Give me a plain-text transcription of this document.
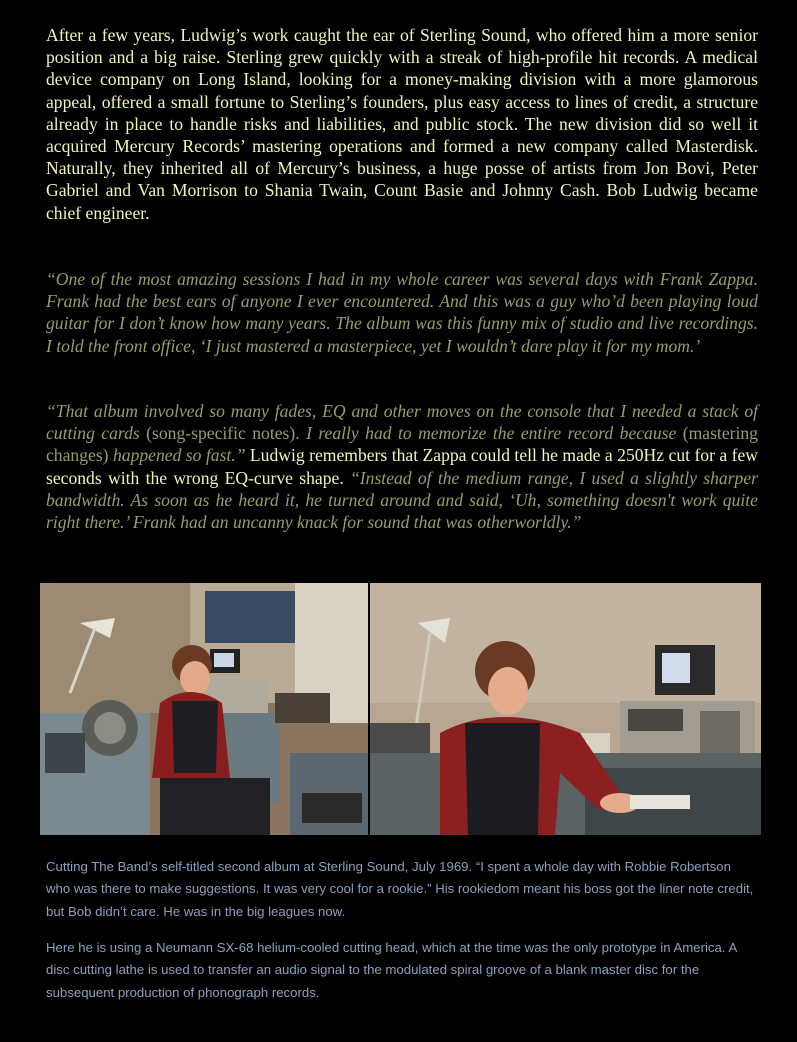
After a few years, Ludwig’s work caught the ear of Sterling Sound, who offered him a more senior position and a big raise. Sterling grew quickly with a streak of high-profile hit records. A medical device company on Long Island, looking for a money-making division with a more glamorous appeal, offered a small fortune to Sterling’s founders, plus easy access to lines of credit, a structure already in place to handle risks and liabilities, and public stock. The new division did so well it acquired Mercury Records’ mastering operations and formed a new company called Masterdisk. Naturally, they inherited all of Mercury’s business, a huge posse of artists from Jon Bovi, Peter Gabriel and Van Morrison to Shania Twain, Count Basie and Johnny Cash. Bob Ludwig became chief engineer.

“One of the most amazing sessions I had in my whole career was several days with Frank Zappa. Frank had the best ears of anyone I ever encountered. And this was a guy who’d been playing loud guitar for I don’t know how many years. The album was this funny mix of studio and live recordings. I told the front office, ‘I just mastered a masterpiece, yet I wouldn’t dare play it for my mom.’

“That album involved so many fades, EQ and other moves on the console that I needed a stack of cutting cards (song-specific notes). I really had to memorize the entire record because (mastering changes) happened so fast.” Ludwig remembers that Zappa could tell he made a 250Hz cut for a few seconds with the wrong EQ-curve shape. “Instead of the medium range, I used a slightly sharper bandwidth. As soon as he heard it, he turned around and said, ‘Uh, something doesn't work quite right there.’ Frank had an uncanny knack for sound that was otherworldly.”

Cutting The Band’s self-titled second album at Sterling Sound, July 1969. “I spent a whole day with Robbie Robertson who was there to make suggestions. It was very cool for a rookie.” His rookiedom meant his boss got the liner note credit, but Bob didn’t care. He was in the big leagues now.

Here he is using a Neumann SX-68 helium-cooled cutting head, which at the time was the only prototype in America. A disc cutting lathe is used to transfer an audio signal to the modulated spiral groove of a blank master disc for the subsequent production of phonograph records.
